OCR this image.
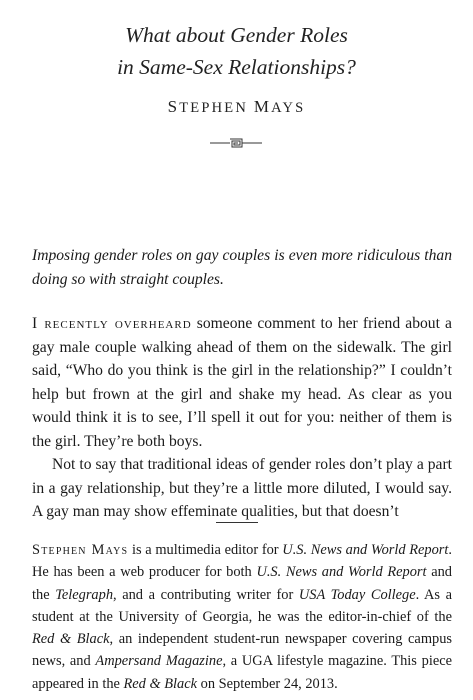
What about Gender Roles
in Same-Sex Relationships?
STEPHEN MAYS
Imposing gender roles on gay couples is even more ridiculous than doing so with straight couples.
I recently overheard someone comment to her friend about a gay male couple walking ahead of them on the sidewalk. The girl said, “Who do you think is the girl in the relationship?” I couldn’t help but frown at the girl and shake my head. As clear as you would think it is to see, I’ll spell it out for you: neither of them is the girl. They’re both boys.
Not to say that traditional ideas of gender roles don’t play a part in a gay relationship, but they’re a little more diluted, I would say. A gay man may show effeminate qualities, but that doesn’t
Stephen Mays is a multimedia editor for U.S. News and World Report. He has been a web producer for both U.S. News and World Report and the Telegraph, and a contributing writer for USA Today College. As a student at the University of Georgia, he was the editor-in-chief of the Red & Black, an independent student-run newspaper covering campus news, and Ampersand Magazine, a UGA lifestyle magazine. This piece appeared in the Red & Black on September 24, 2013.
